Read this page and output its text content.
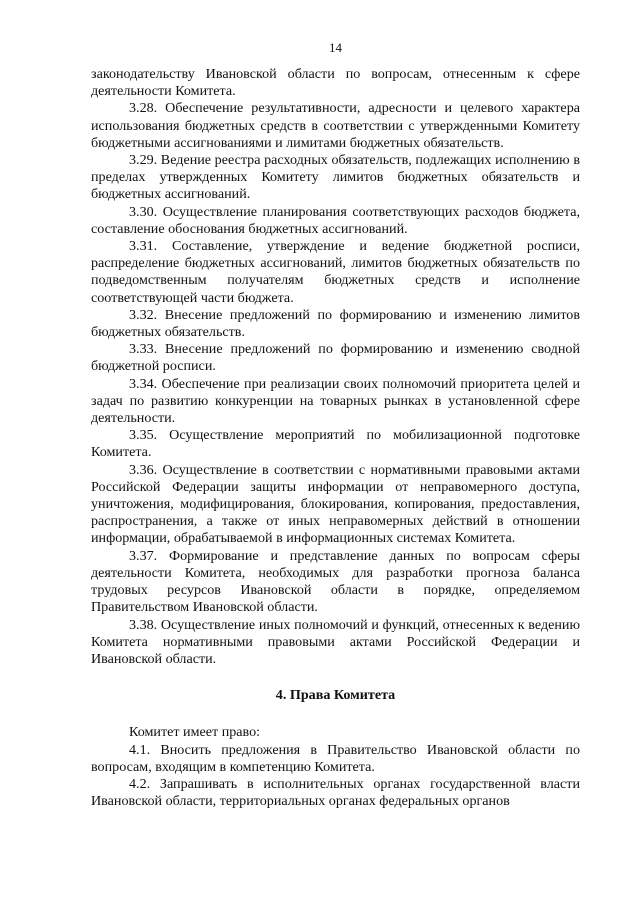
14

законодательству Ивановской области по вопросам, отнесенным к сфере деятельности Комитета.

3.28. Обеспечение результативности, адресности и целевого характера использования бюджетных средств в соответствии с утвержденными Комитету бюджетными ассигнованиями и лимитами бюджетных обязательств.

3.29. Ведение реестра расходных обязательств, подлежащих исполнению в пределах утвержденных Комитету лимитов бюджетных обязательств и бюджетных ассигнований.

3.30. Осуществление планирования соответствующих расходов бюджета, составление обоснования бюджетных ассигнований.

3.31. Составление, утверждение и ведение бюджетной росписи, распределение бюджетных ассигнований, лимитов бюджетных обязательств по подведомственным получателям бюджетных средств и исполнение соответствующей части бюджета.

3.32. Внесение предложений по формированию и изменению лимитов бюджетных обязательств.

3.33. Внесение предложений по формированию и изменению сводной бюджетной росписи.

3.34. Обеспечение при реализации своих полномочий приоритета целей и задач по развитию конкуренции на товарных рынках в установленной сфере деятельности.

3.35. Осуществление мероприятий по мобилизационной подготовке Комитета.

3.36. Осуществление в соответствии с нормативными правовыми актами Российской Федерации защиты информации от неправомерного доступа, уничтожения, модифицирования, блокирования, копирования, предоставления, распространения, а также от иных неправомерных действий в отношении информации, обрабатываемой в информационных системах Комитета.

3.37. Формирование и представление данных по вопросам сферы деятельности Комитета, необходимых для разработки прогноза баланса трудовых ресурсов Ивановской области в порядке, определяемом Правительством Ивановской области.

3.38. Осуществление иных полномочий и функций, отнесенных к ведению Комитета нормативными правовыми актами Российской Федерации и Ивановской области.

4. Права Комитета

Комитет имеет право:

4.1. Вносить предложения в Правительство Ивановской области по вопросам, входящим в компетенцию Комитета.

4.2. Запрашивать в исполнительных органах государственной власти Ивановской области, территориальных органах федеральных органов
